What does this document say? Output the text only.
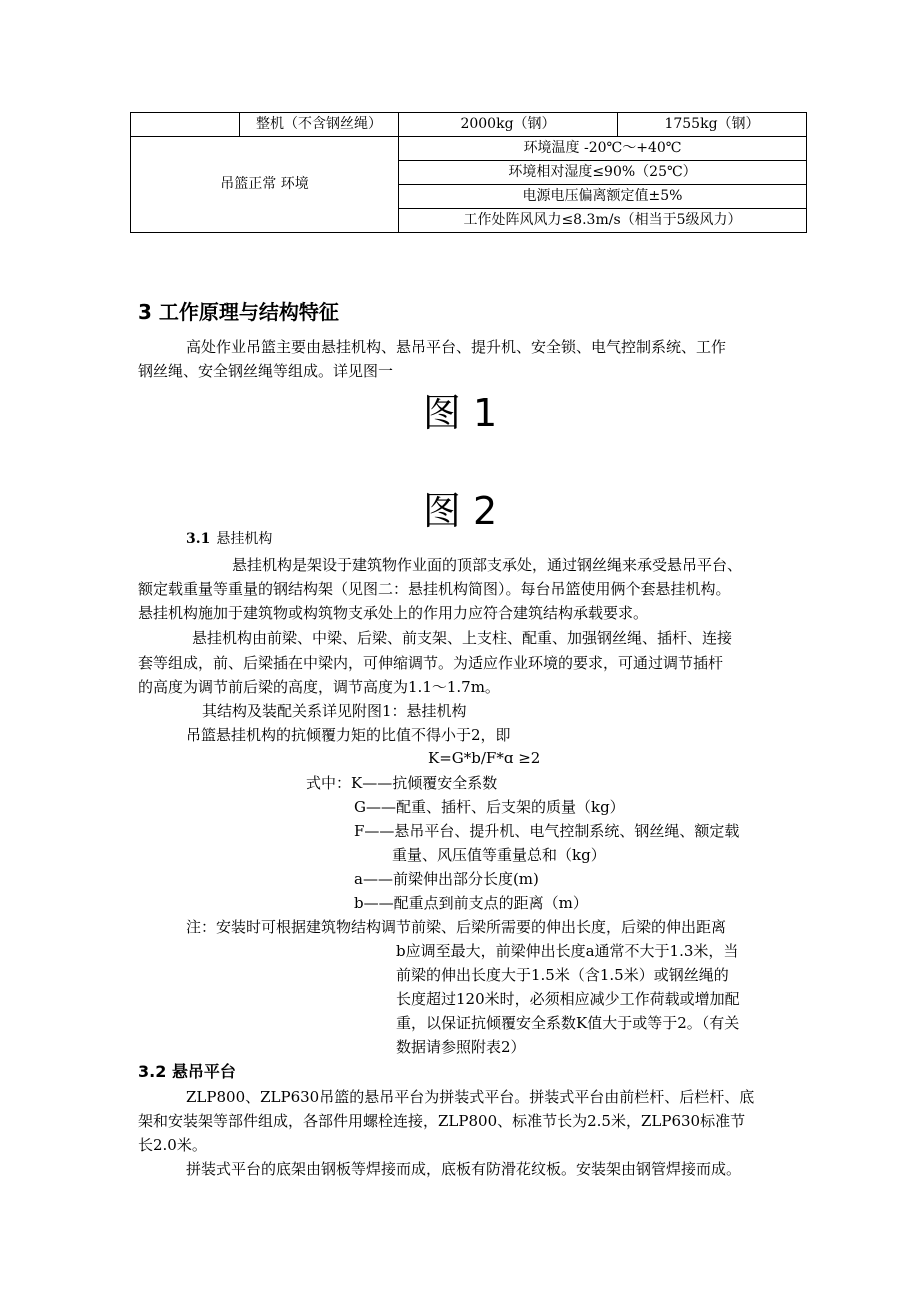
	整机（不含钢丝绳）	2000kg（钢）	1755kg（钢）
吊篮正常 环境		环境温度 -20℃～+40℃	
		环境相对湿度≤90%（25℃）	
		电源电压偏离额定值±5%	
		工作处阵风风力≤8.3m/s（相当于5级风力）	
3 工作原理与结构特征
高处作业吊篮主要由悬挂机构、悬吊平台、提升机、安全锁、电气控制系统、工作
钢丝绳、安全钢丝绳等组成。详见图一
图 1
图 2
3.1 悬挂机构
悬挂机构是架设于建筑物作业面的顶部支承处，通过钢丝绳来承受悬吊平台、
额定载重量等重量的钢结构架（见图二：悬挂机构简图）。每台吊篮使用俩个套悬挂机构。
悬挂机构施加于建筑物或构筑物支承处上的作用力应符合建筑结构承载要求。
悬挂机构由前梁、中梁、后梁、前支架、上支柱、配重、加强钢丝绳、插杆、连接
套等组成，前、后梁插在中梁内，可伸缩调节。为适应作业环境的要求，可通过调节插杆
的高度为调节前后梁的高度，调节高度为1.1～1.7m。
其结构及装配关系详见附图1：悬挂机构
吊篮悬挂机构的抗倾覆力矩的比值不得小于2，即
K=G*b/F*ɑ ≥2
式中：K——抗倾覆安全系数
G——配重、插杆、后支架的质量（kg）
F——悬吊平台、提升机、电气控制系统、钢丝绳、额定载
重量、风压值等重量总和（kg）
a——前梁伸出部分长度(m)
b——配重点到前支点的距离（m）
注：安装时可根据建筑物结构调节前梁、后梁所需要的伸出长度，后梁的伸出距离
b应调至最大，前梁伸出长度a通常不大于1.3米，当
前梁的伸出长度大于1.5米（含1.5米）或钢丝绳的
长度超过120米时，必须相应减少工作荷载或增加配
重，以保证抗倾覆安全系数K值大于或等于2。（有关
数据请参照附表2）
3.2 悬吊平台
ZLP800、ZLP630吊篮的悬吊平台为拼装式平台。拼装式平台由前栏杆、后栏杆、底
架和安装架等部件组成，各部件用螺栓连接，ZLP800、标准节长为2.5米，ZLP630标准节
长2.0米。
拼装式平台的底架由钢板等焊接而成，底板有防滑花纹板。安装架由钢管焊接而成。
